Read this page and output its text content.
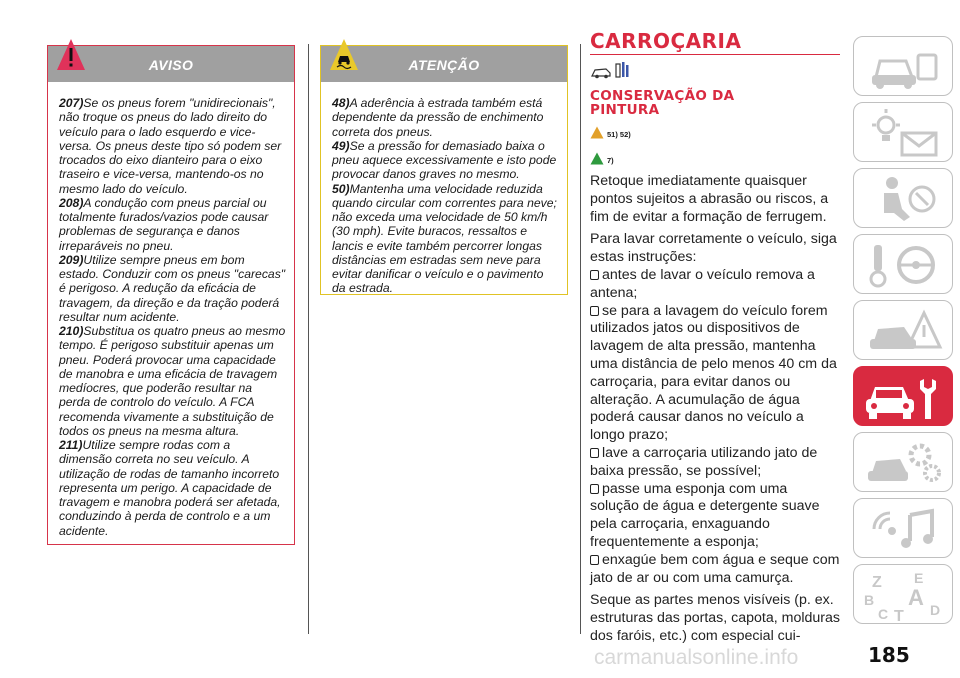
AVISO

207)Se os pneus forem "unidirecionais", não troque os pneus do lado direito do veículo para o lado esquerdo e vice-versa. Os pneus deste tipo só podem ser trocados do eixo dianteiro para o eixo traseiro e vice-versa, mantendo-os no mesmo lado do veículo.

208)A condução com pneus parcial ou totalmente furados/vazios pode causar problemas de segurança e danos irreparáveis no pneu.

209)Utilize sempre pneus em bom estado. Conduzir com os pneus "carecas" é perigoso. A redução da eficácia de travagem, da direção e da tração poderá resultar num acidente.

210)Substitua os quatro pneus ao mesmo tempo. É perigoso substituir apenas um pneu. Poderá provocar uma capacidade de manobra e uma eficácia de travagem medíocres, que poderão resultar na perda de controlo do veículo. A FCA recomenda vivamente a substituição de todos os pneus na mesma altura.

211)Utilize sempre rodas com a dimensão correta no seu veículo. A utilização de rodas de tamanho incorreto representa um perigo. A capacidade de travagem e manobra poderá ser afetada, conduzindo à perda de controlo e a um acidente.

ATENÇÃO

48)A aderência à estrada também está dependente da pressão de enchimento correta dos pneus.

49)Se a pressão for demasiado baixa o pneu aquece excessivamente e isto pode provocar danos graves no mesmo.

50)Mantenha uma velocidade reduzida quando circular com correntes para neve; não exceda uma velocidade de 50 km/h (30 mph). Evite buracos, ressaltos e lancis e evite também percorrer longas distâncias em estradas sem neve para evitar danificar o veículo e o pavimento da estrada.

CARROÇARIA
CONSERVAÇÃO DA
PINTURA
51) 52)
7)

Retoque imediatamente quaisquer pontos sujeitos a abrasão ou riscos, a fim de evitar a formação de ferrugem.

Para lavar corretamente o veículo, siga estas instruções:

antes de lavar o veículo remova a antena;

se para a lavagem do veículo forem utilizados jatos ou dispositivos de lavagem de alta pressão, mantenha uma distância de pelo menos 40 cm da carroçaria, para evitar danos ou alteração. A acumulação de água poderá causar danos no veículo a longo prazo;

lave a carroçaria utilizando jato de baixa pressão, se possível;

passe uma esponja com uma solução de água e detergente suave pela carroçaria, enxaguando frequentemente a esponja;

enxagúe bem com água e seque com jato de ar ou com uma camurça.

Seque as partes menos visíveis (p. ex. estruturas das portas, capota, molduras dos faróis, etc.) com especial cui-

Z E
B A
C T D
185
carmanualsonline.info
